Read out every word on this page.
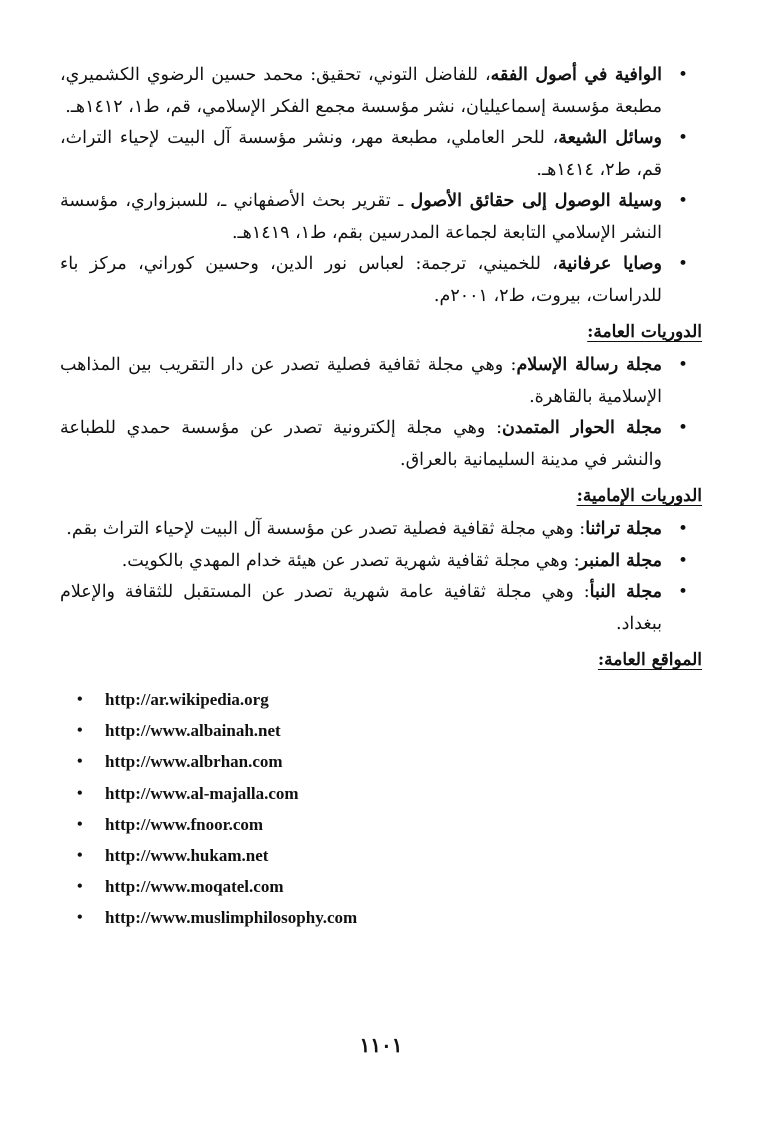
•
الوافية في أصول الفقه، للفاضل التوني، تحقيق: محمد حسين الرضوي الكشميري، مطبعة مؤسسة إسماعيليان، نشر مؤسسة مجمع الفكر الإسلامي، قم، ط١، ١٤١٢هـ.
•
وسائل الشيعة، للحر العاملي، مطبعة مهر، ونشر مؤسسة آل البيت لإحياء التراث، قم، ط٢، ١٤١٤هـ.
•
وسيلة الوصول إلى حقائق الأصول ـ تقرير بحث الأصفهاني ـ، للسبزواري، مؤسسة النشر الإسلامي التابعة لجماعة المدرسين بقم، ط١، ١٤١٩هـ.
•
وصايا عرفانية، للخميني، ترجمة: لعباس نور الدين، وحسين كوراني، مركز باء للدراسات، بيروت، ط٢، ٢٠٠١م.
الدوريات العامة:
•
مجلة رسالة الإسلام: وهي مجلة ثقافية فصلية تصدر عن دار التقريب بين المذاهب الإسلامية بالقاهرة.
•
مجلة الحوار المتمدن: وهي مجلة إلكترونية تصدر عن مؤسسة حمدي للطباعة والنشر في مدينة السليمانية بالعراق.
الدوريات الإمامية:
•
مجلة تراثنا: وهي مجلة ثقافية فصلية تصدر عن مؤسسة آل البيت لإحياء التراث بقم.
•
مجلة المنبر: وهي مجلة ثقافية شهرية تصدر عن هيئة خدام المهدي بالكويت.
•
مجلة النبأ: وهي مجلة ثقافية عامة شهرية تصدر عن المستقبل للثقافة والإعلام ببغداد.
المواقع العامة:
• http://ar.wikipedia.org
• http://www.albainah.net
• http://www.albrhan.com
• http://www.al-majalla.com
• http://www.fnoor.com
• http://www.hukam.net
• http://www.moqatel.com
• http://www.muslimphilosophy.com
١١٠١
